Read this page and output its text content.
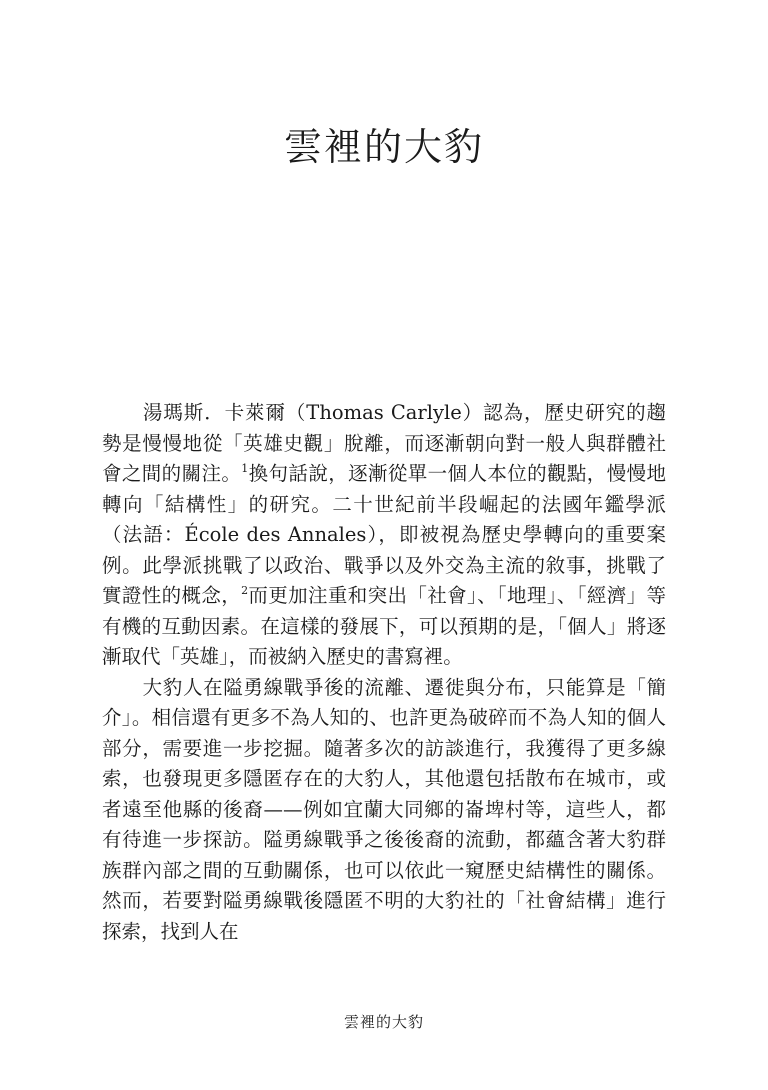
雲裡的大豹

湯瑪斯．卡萊爾（Thomas Carlyle）認為，歷史研究的趨勢是慢慢地從「英雄史觀」脫離，而逐漸朝向對一般人與群體社會之間的關注。$^1$換句話說，逐漸從單一個人本位的觀點，慢慢地轉向「結構性」的研究。二十世紀前半段崛起的法國年鑑學派（法語：École des Annales），即被視為歷史學轉向的重要案例。此學派挑戰了以政治、戰爭以及外交為主流的敘事，挑戰了實證性的概念，$^2$而更加注重和突出「社會」、「地理」、「經濟」等有機的互動因素。在這樣的發展下，可以預期的是，「個人」將逐漸取代「英雄」，而被納入歷史的書寫裡。

大豹人在隘勇線戰爭後的流離、遷徙與分布，只能算是「簡介」。相信還有更多不為人知的、也許更為破碎而不為人知的個人部分，需要進一步挖掘。隨著多次的訪談進行，我獲得了更多線索，也發現更多隱匿存在的大豹人，其他還包括散布在城市，或者遠至他縣的後裔——例如宜蘭大同鄉的崙埤村等，這些人，都有待進一步探訪。隘勇線戰爭之後後裔的流動，都蘊含著大豹群族群內部之間的互動關係，也可以依此一窺歷史結構性的關係。然而，若要對隘勇線戰後隱匿不明的大豹社的「社會結構」進行探索，找到人在

雲裡的大豹
